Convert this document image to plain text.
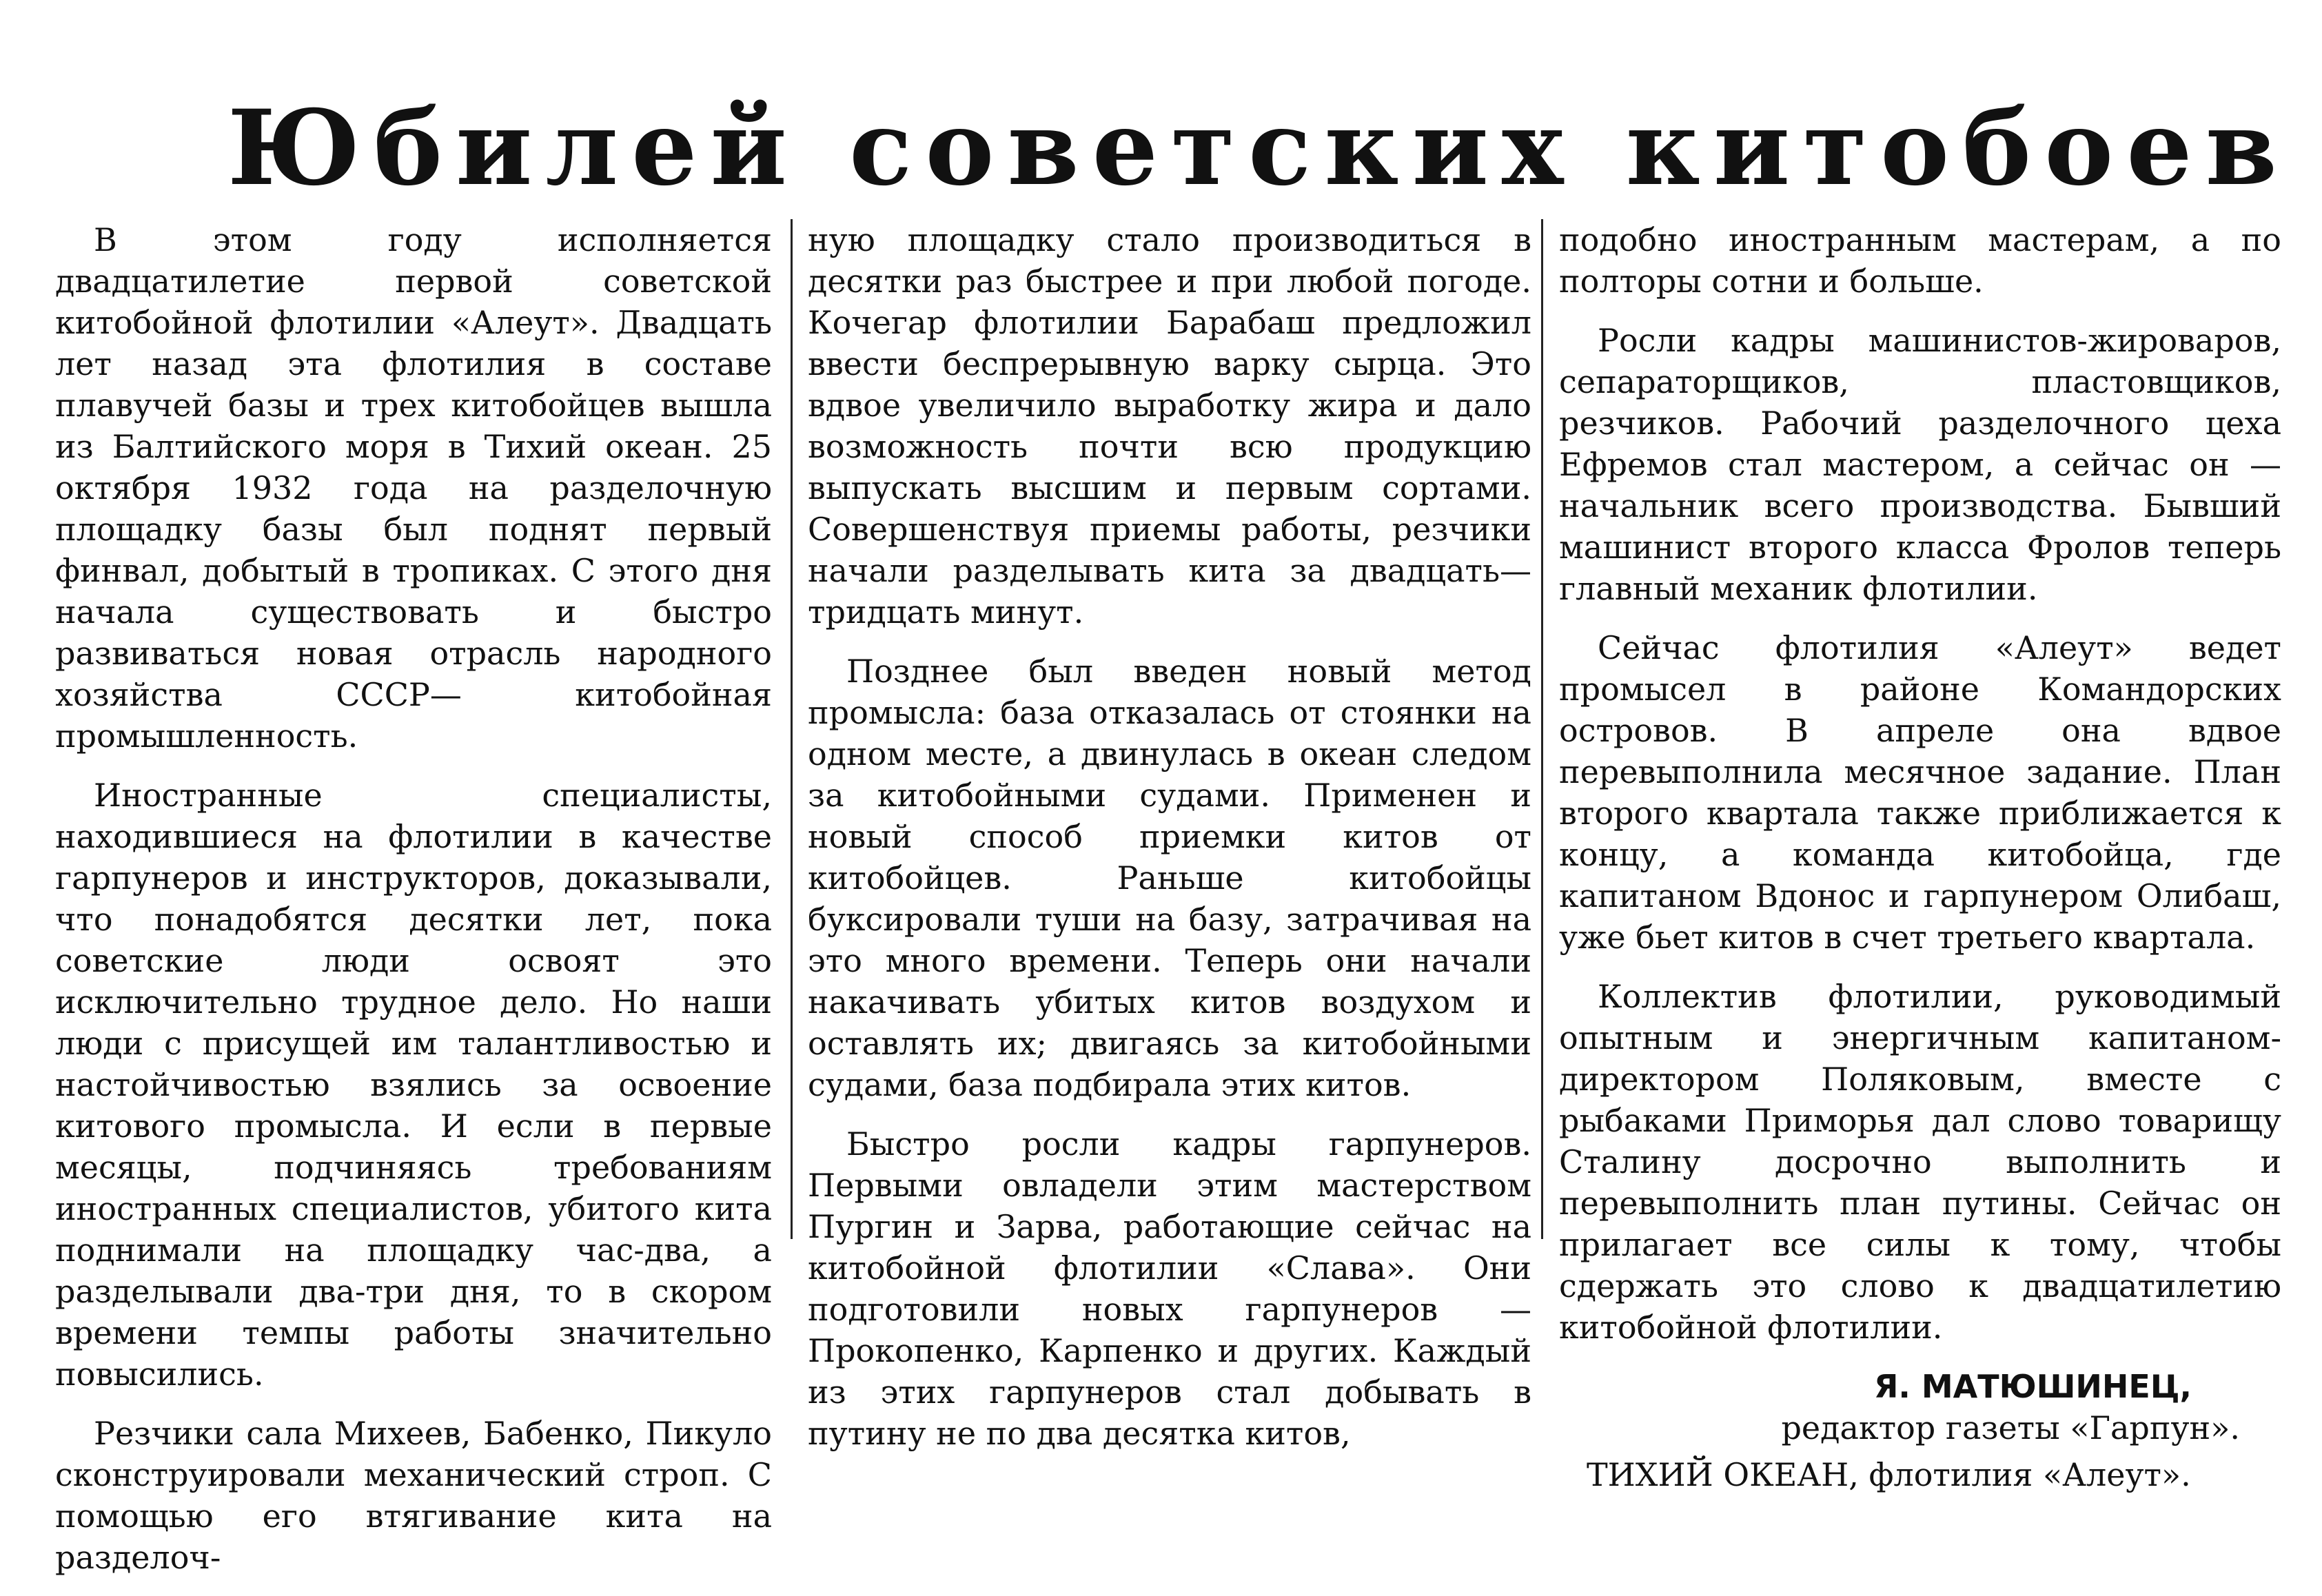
Юбилей советских китобоев

В этом году исполняется двадцатилетие первой советской китобойной флотилии «Алеут». Двадцать лет назад эта флотилия в составе плавучей базы и трех китобойцев вышла из Балтийского моря в Тихий океан. 25 октября 1932 года на разделочную площадку базы был поднят первый финвал, добытый в тропиках. С этого дня начала существовать и быстро развиваться новая отрасль народного хозяйства СССР— китобойная промышленность.

Иностранные специалисты, находившиеся на флотилии в качестве гарпунеров и инструкторов, доказывали, что понадобятся десятки лет, пока советские люди освоят это исключительно трудное дело. Но наши люди с присущей им талантливостью и настойчивостью взялись за освоение китового промысла. И если в первые месяцы, подчиняясь требованиям иностранных специалистов, убитого кита поднимали на площадку час-два, а разделывали два-три дня, то в скором времени темпы работы значительно повысились.

Резчики сала Михеев, Бабенко, Пикуло сконструировали механический строп. С помощью его втягивание кита на разделоч-

ную площадку стало производиться в десятки раз быстрее и при любой погоде. Кочегар флотилии Барабаш предложил ввести беспрерывную варку сырца. Это вдвое увеличило выработку жира и дало возможность почти всю продукцию выпускать высшим и первым сортами. Совершенствуя приемы работы, резчики начали разделывать кита за двадцать—тридцать минут.

Позднее был введен новый метод промысла: база отказалась от стоянки на одном месте, а двинулась в океан следом за китобойными судами. Применен и новый способ приемки китов от китобойцев. Раньше китобойцы буксировали туши на базу, затрачивая на это много времени. Теперь они начали накачивать убитых китов воздухом и оставлять их; двигаясь за китобойными судами, база подбирала этих китов.

Быстро росли кадры гарпунеров. Первыми овладели этим мастерством Пургин и Зарва, работающие сейчас на китобойной флотилии «Слава». Они подготовили новых гарпунеров — Прокопенко, Карпенко и других. Каждый из этих гарпунеров стал добывать в путину не по два десятка китов,

подобно иностранным мастерам, а по полторы сотни и больше.

Росли кадры машинистов-жироваров, сепараторщиков, пластовщиков, резчиков. Рабочий разделочного цеха Ефремов стал мастером, а сейчас он — начальник всего производства. Бывший машинист второго класса Фролов теперь главный механик флотилии.

Сейчас флотилия «Алеут» ведет промысел в районе Командорских островов. В апреле она вдвое перевыполнила месячное задание. План второго квартала также приближается к концу, а команда китобойца, где капитаном Вдонос и гарпунером Олибаш, уже бьет китов в счет третьего квартала.

Коллектив флотилии, руководимый опытным и энергичным капитаном-директором Поляковым, вместе с рыбаками Приморья дал слово товарищу Сталину досрочно выполнить и перевыполнить план путины. Сейчас он прилагает все силы к тому, чтобы сдержать это слово к двадцатилетию китобойной флотилии.

Я. МАТЮШИНЕЦ,
редактор газеты «Гарпун».
ТИХИЙ ОКЕАН, флотилия «Алеут».
